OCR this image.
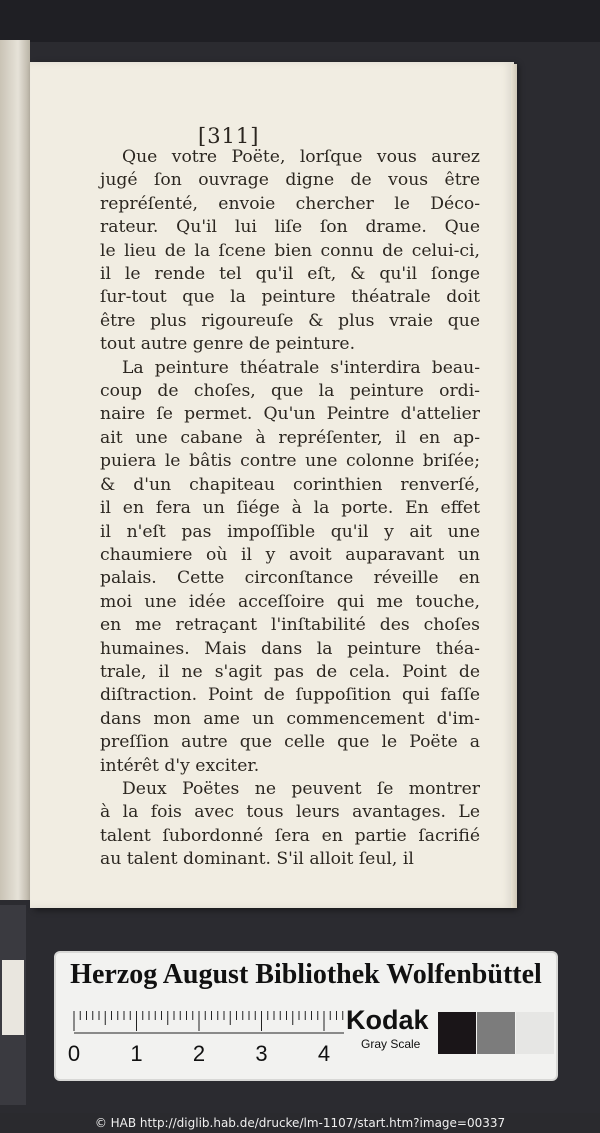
[311]
Que votre Poëte, lorſque vous aurez
jugé ſon ouvrage digne de vous être
repréſenté, envoie chercher le Déco-
rateur. Qu'il lui liſe ſon drame. Que
le lieu de la ſcene bien connu de celui-ci,
il le rende tel qu'il eſt, & qu'il ſonge
ſur-tout que la peinture théatrale doit
être plus rigoureuſe & plus vraie que
tout autre genre de peinture.
La peinture théatrale s'interdira beau-
coup de choſes, que la peinture ordi-
naire ſe permet. Qu'un Peintre d'attelier
ait une cabane à repréſenter, il en ap-
puiera le bâtis contre une colonne briſée;
& d'un chapiteau corinthien renverſé,
il en fera un ſiége à la porte. En effet
il n'eſt pas impoſſible qu'il y ait une
chaumiere où il y avoit auparavant un
palais. Cette circonſtance réveille en
moi une idée acceſſoire qui me touche,
en me retraçant l'inſtabilité des choſes
humaines. Mais dans la peinture théa-
trale, il ne s'agit pas de cela. Point de
diſtraction. Point de ſuppoſition qui faſſe
dans mon ame un commencement d'im-
preſſion autre que celle que le Poëte a
intérêt d'y exciter.
Deux Poëtes ne peuvent ſe montrer
à la fois avec tous leurs avantages. Le
talent ſubordonné ſera en partie ſacrifié
au talent dominant. S'il alloit ſeul, il
Herzog August Bibliothek Wolfenbüttel
0 1 2 3 4
Kodak
Gray Scale
© HAB http://diglib.hab.de/drucke/lm-1107/start.htm?image=00337
